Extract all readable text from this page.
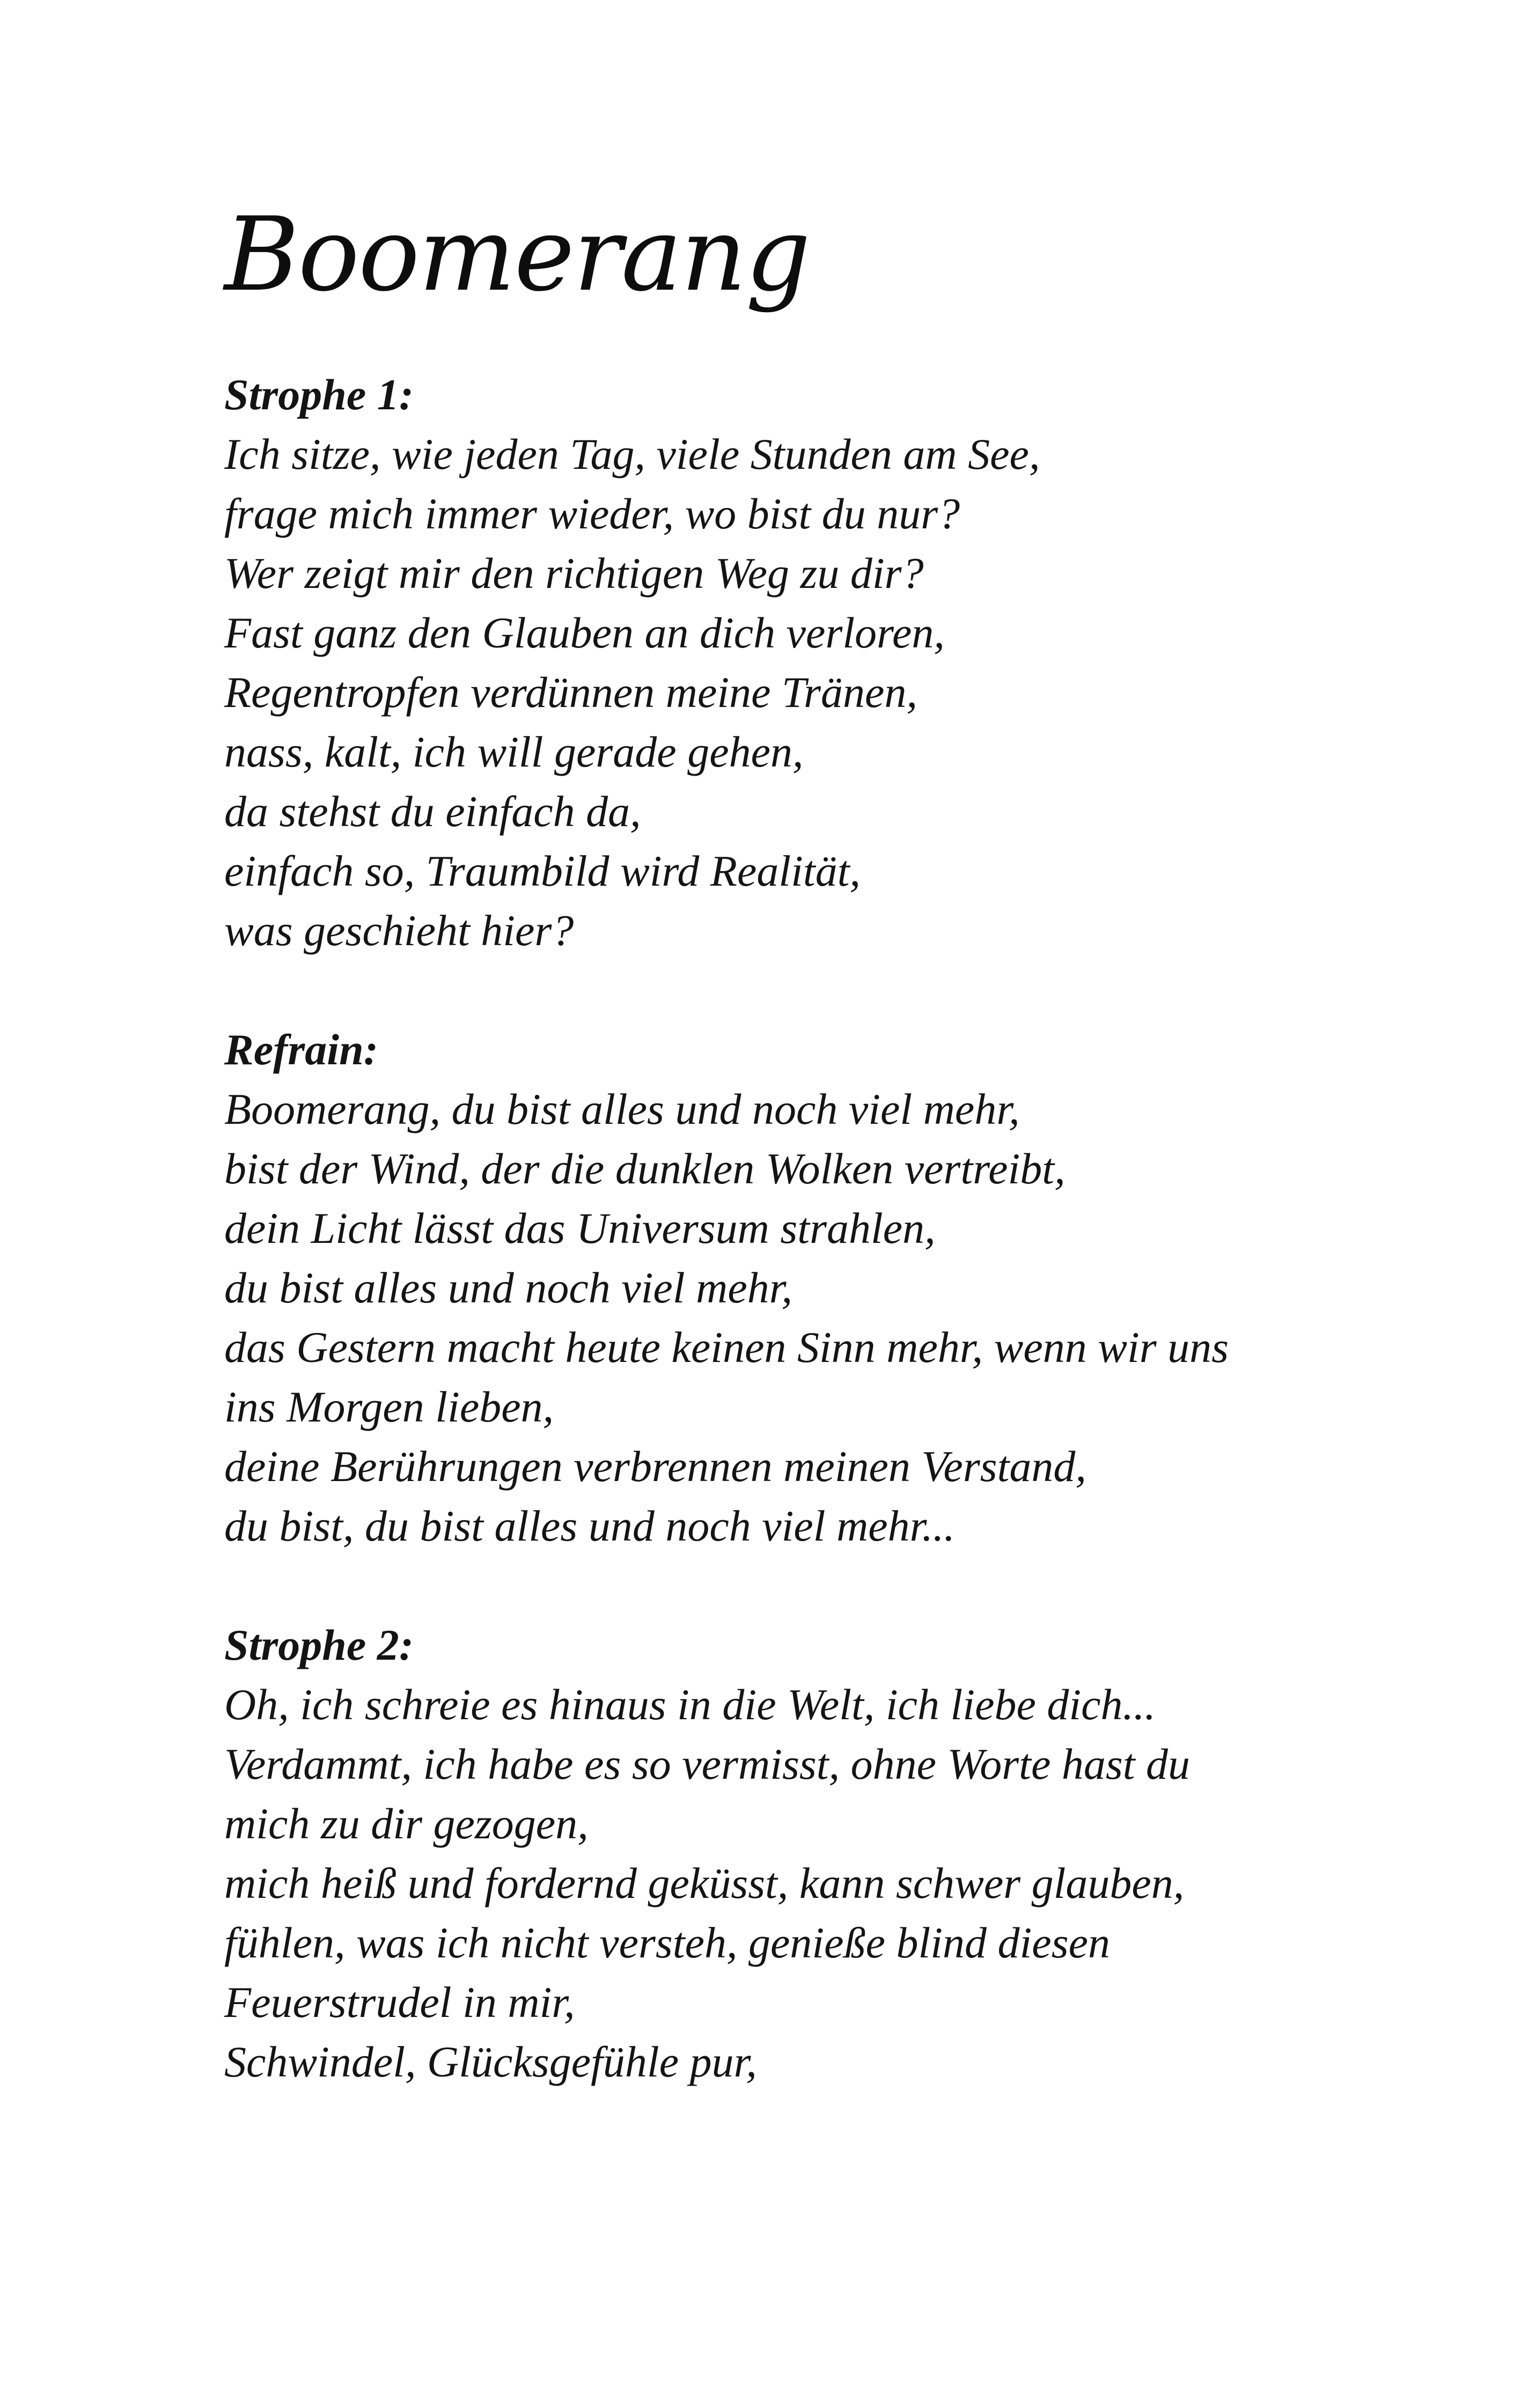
Boomerang
Strophe 1:
Ich sitze, wie jeden Tag, viele Stunden am See,
frage mich immer wieder, wo bist du nur?
Wer zeigt mir den richtigen Weg zu dir?
Fast ganz den Glauben an dich verloren,
Regentropfen verdünnen meine Tränen,
nass, kalt, ich will gerade gehen,
da stehst du einfach da,
einfach so, Traumbild wird Realität,
was geschieht hier?
Refrain:
Boomerang, du bist alles und noch viel mehr,
bist der Wind, der die dunklen Wolken vertreibt,
dein Licht lässt das Universum strahlen,
du bist alles und noch viel mehr,
das Gestern macht heute keinen Sinn mehr, wenn wir uns
ins Morgen lieben,
deine Berührungen verbrennen meinen Verstand,
du bist, du bist alles und noch viel mehr...
Strophe 2:
Oh, ich schreie es hinaus in die Welt, ich liebe dich...
Verdammt, ich habe es so vermisst, ohne Worte hast du
mich zu dir gezogen,
mich heiß und fordernd geküsst, kann schwer glauben,
fühlen, was ich nicht versteh, genieße blind diesen
Feuerstrudel in mir,
Schwindel, Glücksgefühle pur,
